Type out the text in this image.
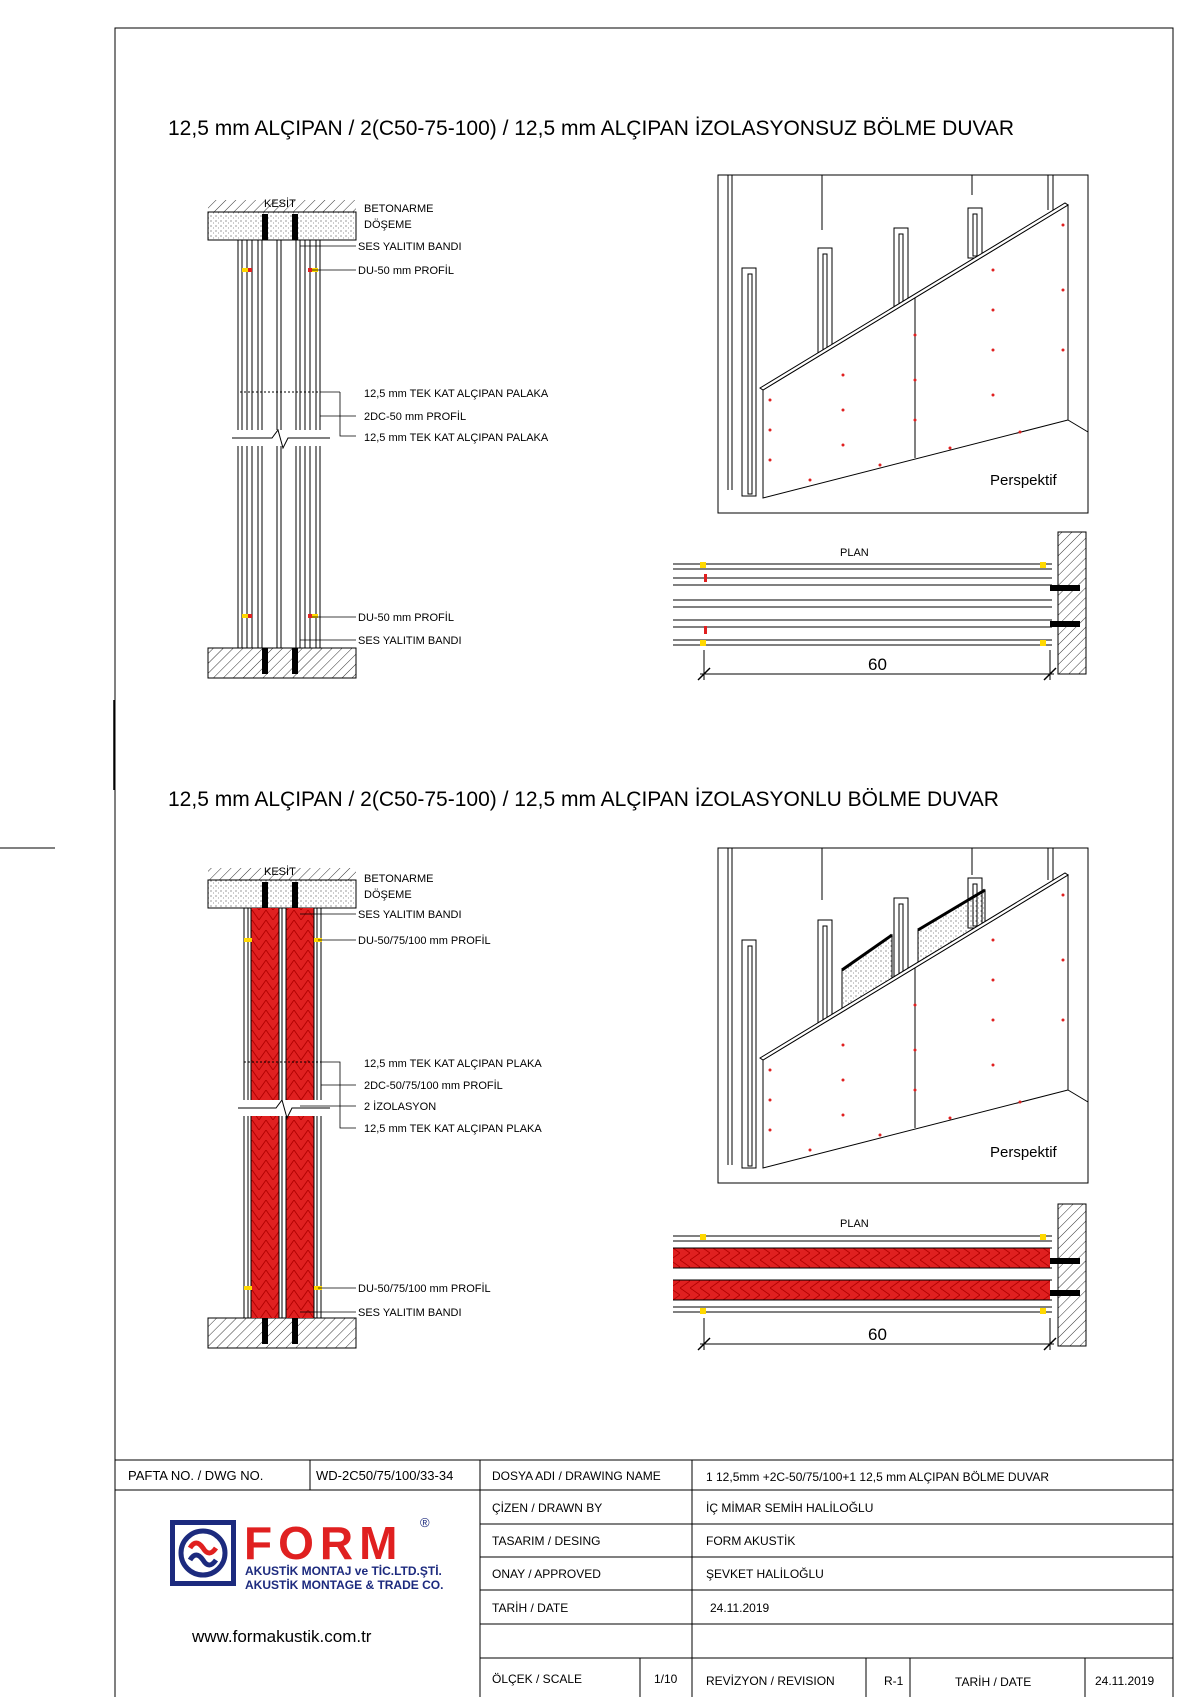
12,5 mm ALÇIPAN / 2(C50-75-100) / 12,5 mm ALÇIPAN İZOLASYONSUZ BÖLME DUVAR
KESİT	BETONARME
DÖŞEME
SES YALITIM BANDI
DU-50 mm PROFİL
12,5 mm TEK KAT ALÇIPAN PALAKA
2DC-50 mm PROFİL
12,5 mm TEK KAT ALÇIPAN PALAKA
DU-50 mm PROFİL
SES YALITIM BANDI
Perspektif
PLAN
60
12,5 mm ALÇIPAN / 2(C50-75-100) / 12,5 mm ALÇIPAN İZOLASYONLU BÖLME DUVAR
KESİT
BETONARME
DÖŞEME
SES YALITIM BANDI
DU-50/75/100 mm PROFİL
12,5 mm TEK KAT ALÇIPAN PLAKA
2DC-50/75/100 mm PROFİL
2 İZOLASYON
12,5 mm TEK KAT ALÇIPAN PLAKA
DU-50/75/100 mm PROFİL
SES YALITIM BANDI
Perspektif
PLAN
60
PAFTA NO. / DWG NO.	WD-2C50/75/100/33-34	DOSYA ADI / DRAWING NAME	1 12,5mm +2C-50/75/100+1 12,5 mm ALÇIPAN BÖLME DUVAR
ÇİZEN / DRAWN BY	İÇ MİMAR SEMİH HALİLOĞLU
TASARIM / DESING	FORM AKUSTİK
ONAY / APPROVED	ŞEVKET HALİLOĞLU
TARİH / DATE	24.11.2019
ÖLÇEK / SCALE	1/10 REVİZYON / REVISION	R-1	TARİH / DATE	24.11.2019
FORM ®
AKUSTİK MONTAJ ve TİC.LTD.ŞTİ.
AKUSTİK MONTAGE & TRADE CO.
www.formakustik.com.tr
